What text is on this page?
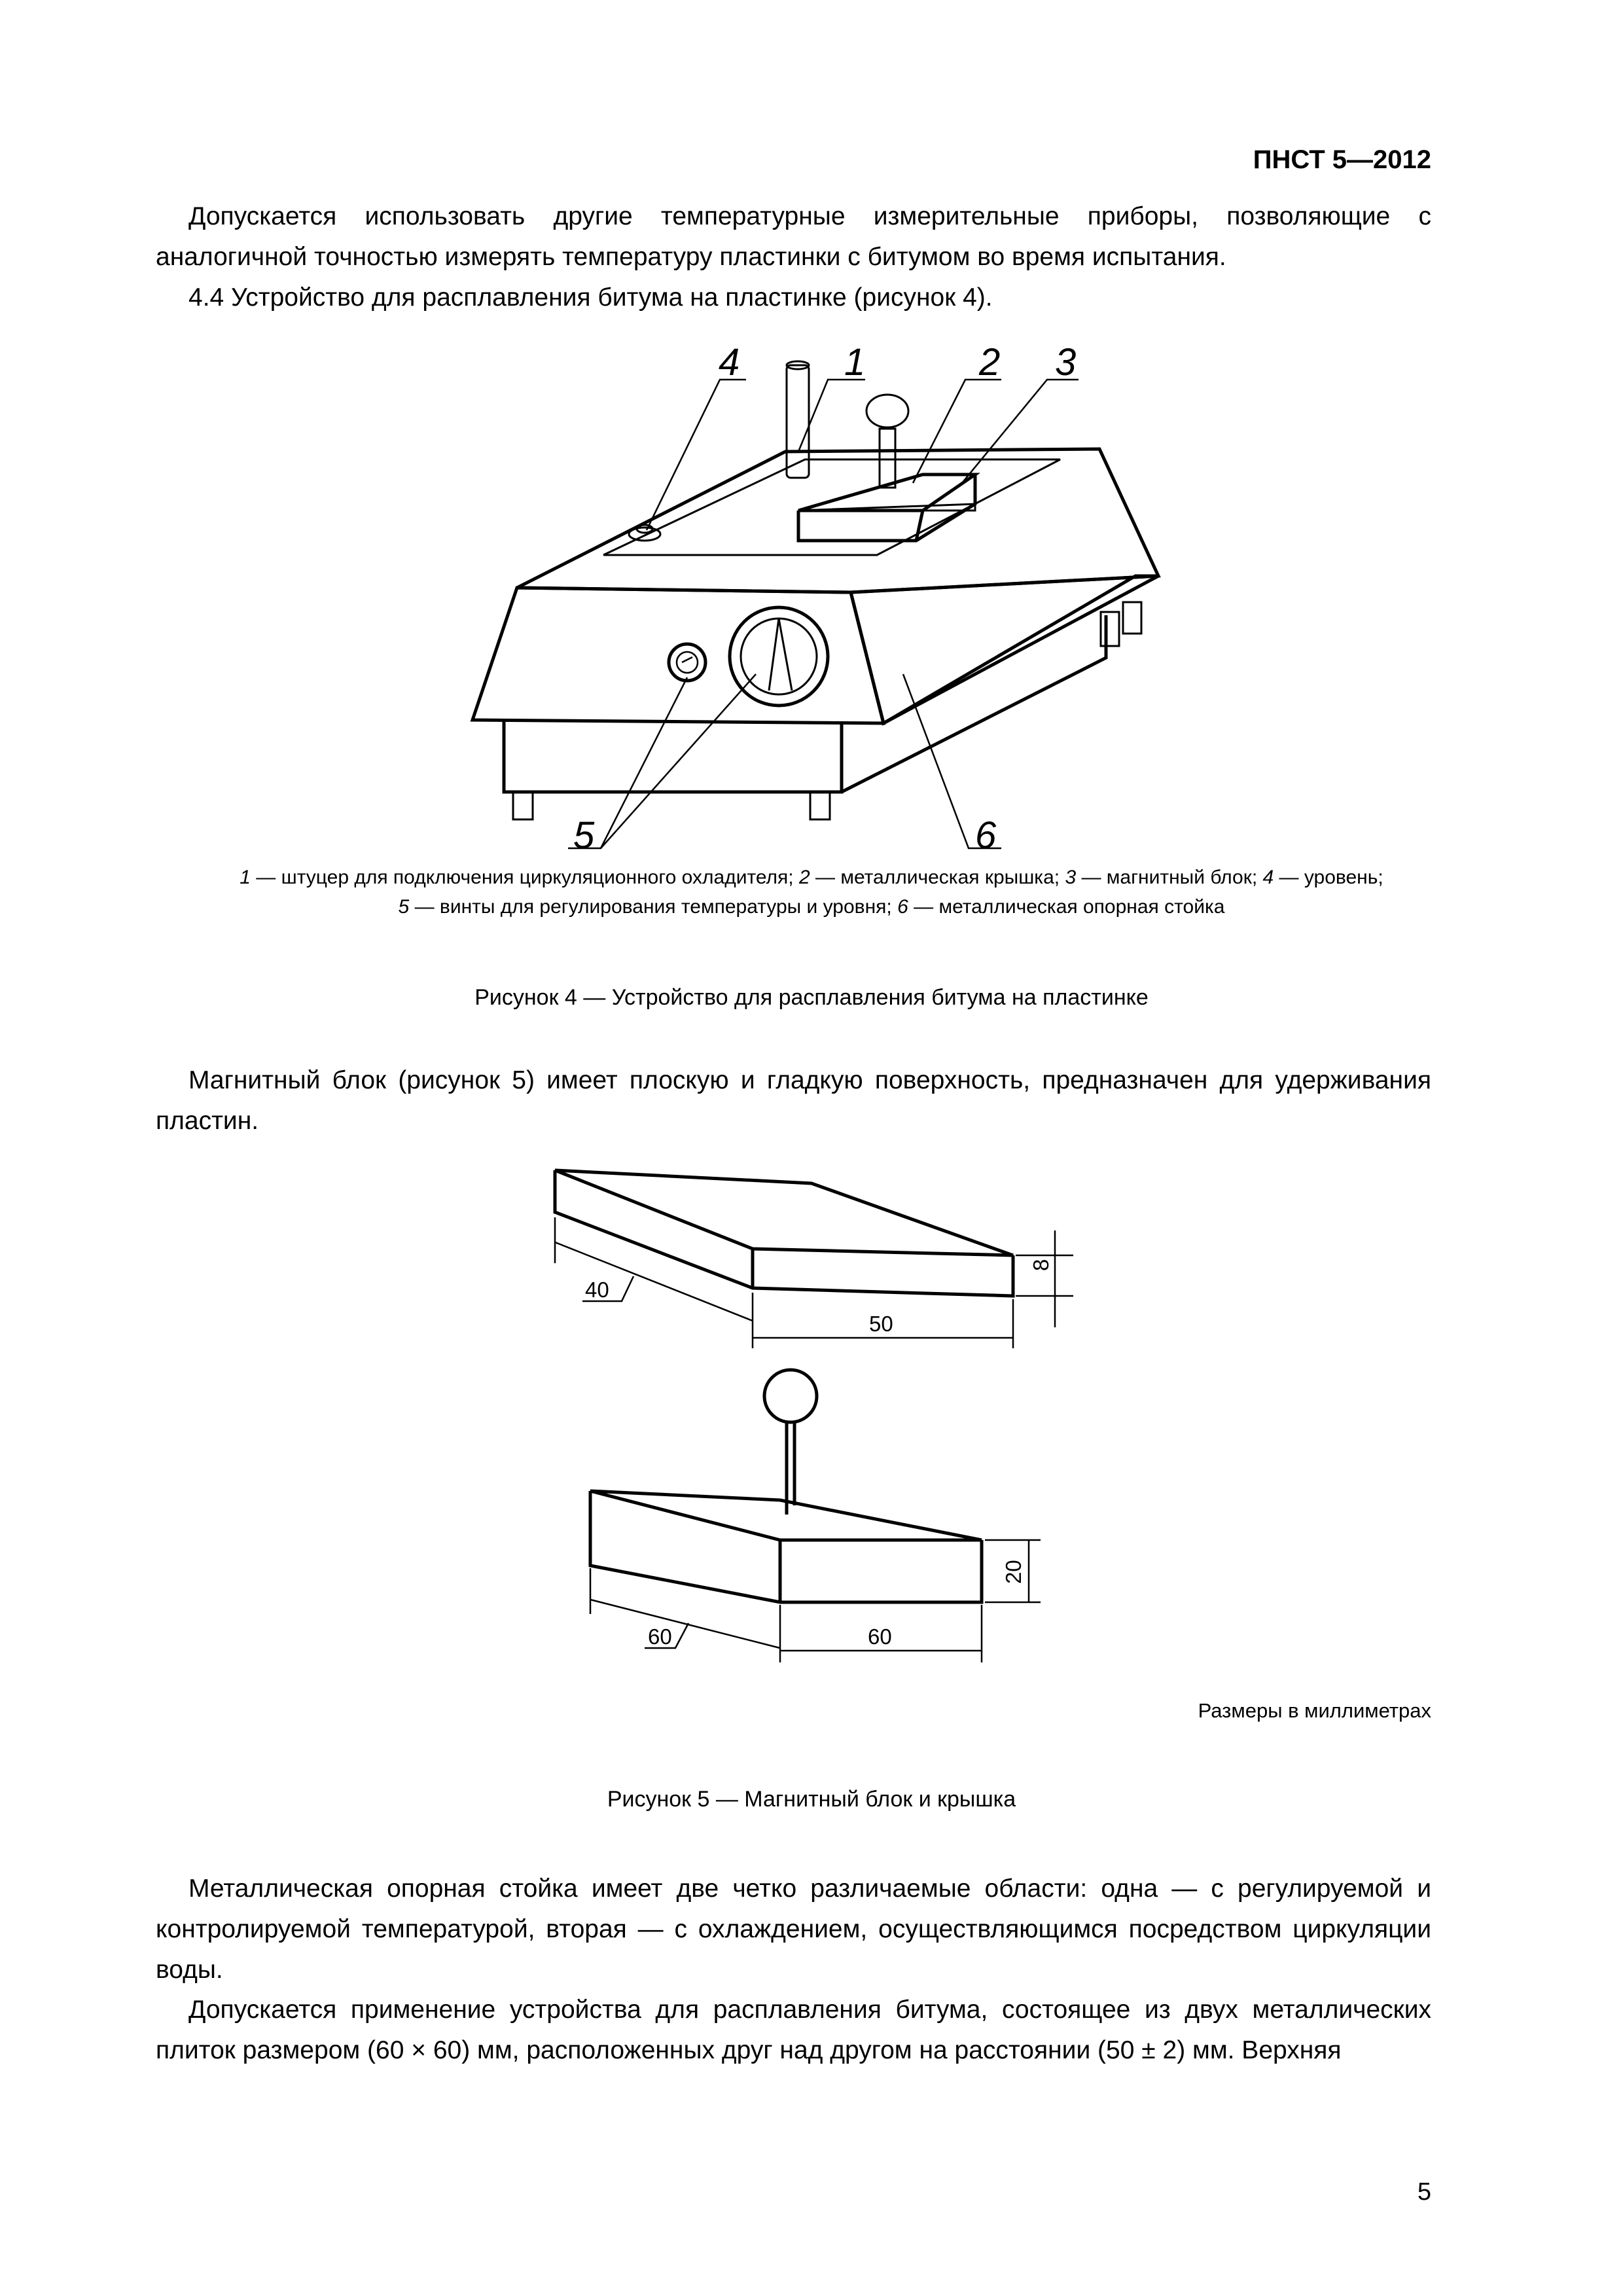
ПНСТ 5—2012

Допускается использовать другие температурные измерительные приборы, позволяющие с аналогичной точностью измерять температуру пластинки с битумом во время испытания.

4.4 Устройство для расплавления битума на пластинке (рисунок 4).

4	1	2 3
5	6
1 — штуцер для подключения циркуляционного охладителя; 2 — металлическая крышка; 3 — магнитный блок; 4 — уровень;
5 — винты для регулирования температуры и уровня; 6 — металлическая опорная стойка
Рисунок 4 — Устройство для расплавления битума на пластинке

Магнитный блок (рисунок 5) имеет плоскую и гладкую поверхность, предназначен для удерживания пластин.

40
50
8
60	60
20
Размеры в миллиметрах
Рисунок 5 — Магнитный блок и крышка

Металлическая опорная стойка имеет две четко различаемые области: одна — с регулируемой и контролируемой температурой, вторая — с охлаждением, осуществляющимся посредством циркуляции воды.

Допускается применение устройства для расплавления битума, состоящее из двух металлических плиток размером (60 × 60) мм, расположенных друг над другом на расстоянии (50 ± 2) мм. Верхняя

5
